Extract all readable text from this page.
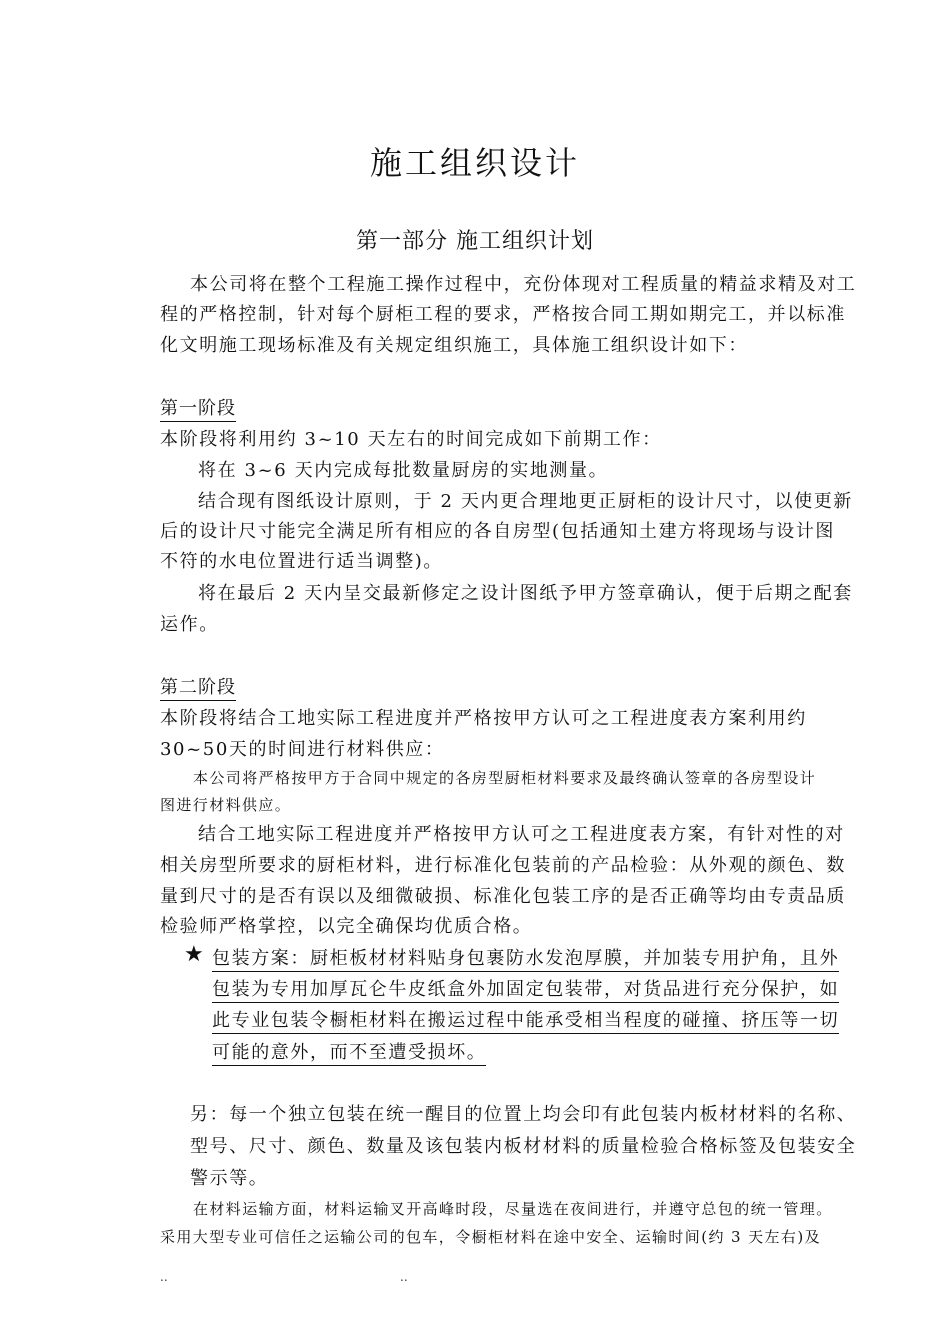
施工组织设计
第一部分 施工组织计划
本公司将在整个工程施工操作过程中，充份体现对工程质量的精益求精及对工
程的严格控制，针对每个厨柜工程的要求，严格按合同工期如期完工，并以标准
化文明施工现场标准及有关规定组织施工，具体施工组织设计如下：
第一阶段
本阶段将利用约 3~10 天左右的时间完成如下前期工作：
将在 3~6 天内完成每批数量厨房的实地测量。
结合现有图纸设计原则，于 2 天内更合理地更正厨柜的设计尺寸，以使更新
后的设计尺寸能完全满足所有相应的各自房型(包括通知土建方将现场与设计图
不符的水电位置进行适当调整)。
将在最后 2 天内呈交最新修定之设计图纸予甲方签章确认，便于后期之配套
运作。
第二阶段
本阶段将结合工地实际工程进度并严格按甲方认可之工程进度表方案利用约
30~50天的时间进行材料供应：
本公司将严格按甲方于合同中规定的各房型厨柜材料要求及最终确认签章的各房型设计
图进行材料供应。
结合工地实际工程进度并严格按甲方认可之工程进度表方案，有针对性的对
相关房型所要求的厨柜材料，进行标准化包装前的产品检验：从外观的颜色、数
量到尺寸的是否有误以及细微破损、标准化包装工序的是否正确等均由专责品质
检验师严格掌控，以完全确保均优质合格。
★ 包装方案：厨柜板材材料贴身包裹防水发泡厚膜，并加装专用护角，且外
包装为专用加厚瓦仑牛皮纸盒外加固定包装带，对货品进行充分保护，如
此专业包装令橱柜材料在搬运过程中能承受相当程度的碰撞、挤压等一切
可能的意外，而不至遭受损坏。
另：每一个独立包装在统一醒目的位置上均会印有此包装内板材材料的名称、
型号、尺寸、颜色、数量及该包装内板材材料的质量检验合格标签及包装安全
警示等。
在材料运输方面，材料运输叉开高峰时段，尽量选在夜间进行，并遵守总包的统一管理。
采用大型专业可信任之运输公司的包车，令橱柜材料在途中安全、运输时间(约 3 天左右)及
..	..
